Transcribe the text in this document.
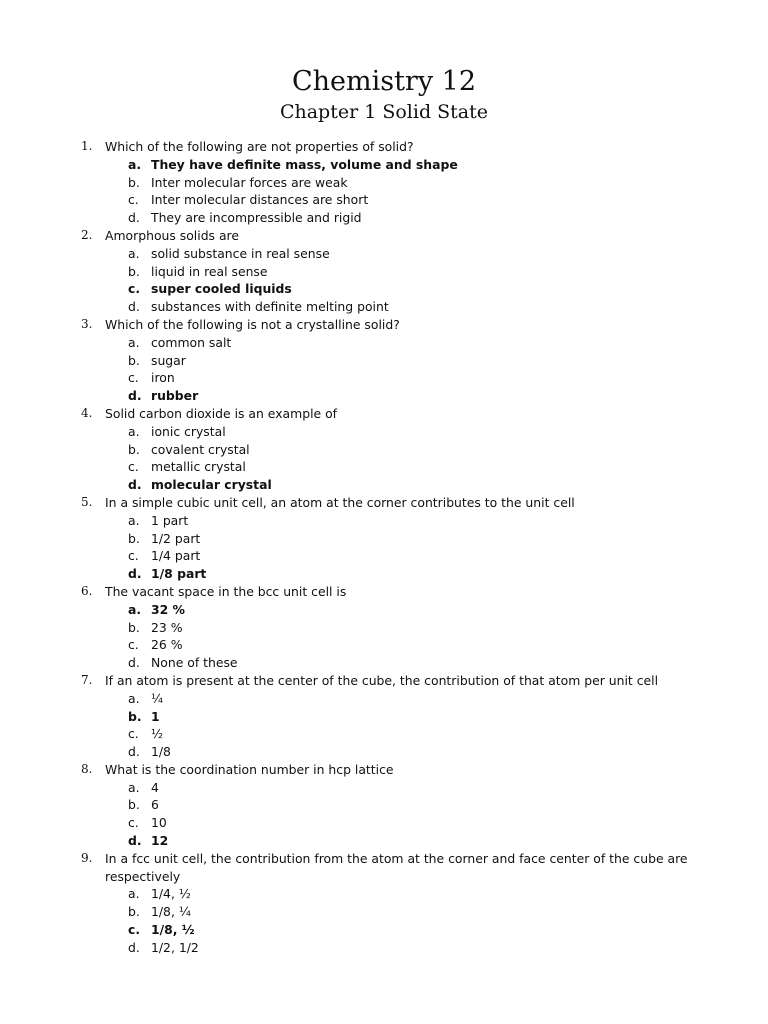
Chemistry 12
Chapter 1 Solid State
1.	Which of the following are not properties of solid?
a. They have definite mass, volume and shape
b. Inter molecular forces are weak
c. Inter molecular distances are short
d. They are incompressible and rigid
2.	Amorphous solids are
a. solid substance in real sense
b. liquid in real sense
c. super cooled liquids
d. substances with definite melting point
3.	Which of the following is not a crystalline solid?
a. common salt
b. sugar
c. iron
d. rubber
4.	Solid carbon dioxide is an example of
a. ionic crystal
b. covalent crystal
c. metallic crystal
d. molecular crystal
5.	In a simple cubic unit cell, an atom at the corner contributes to the unit cell
a. 1 part
b. 1/2 part
c. 1/4 part
d. 1/8 part
6.	The vacant space in the bcc unit cell is
a. 32 %
b. 23 %
c. 26 %
d. None of these
7.	If an atom is present at the center of the cube, the contribution of that atom per unit cell
a. ¼
b. 1
c. ½
d. 1/8
8.	What is the coordination number in hcp lattice
a. 4
b. 6
c. 10
d. 12
9.	In a fcc unit cell, the contribution from the atom at the corner and face center of the cube are respectively
a. 1/4, ½
b. 1/8, ¼
c. 1/8, ½
d. 1/2, 1/2
